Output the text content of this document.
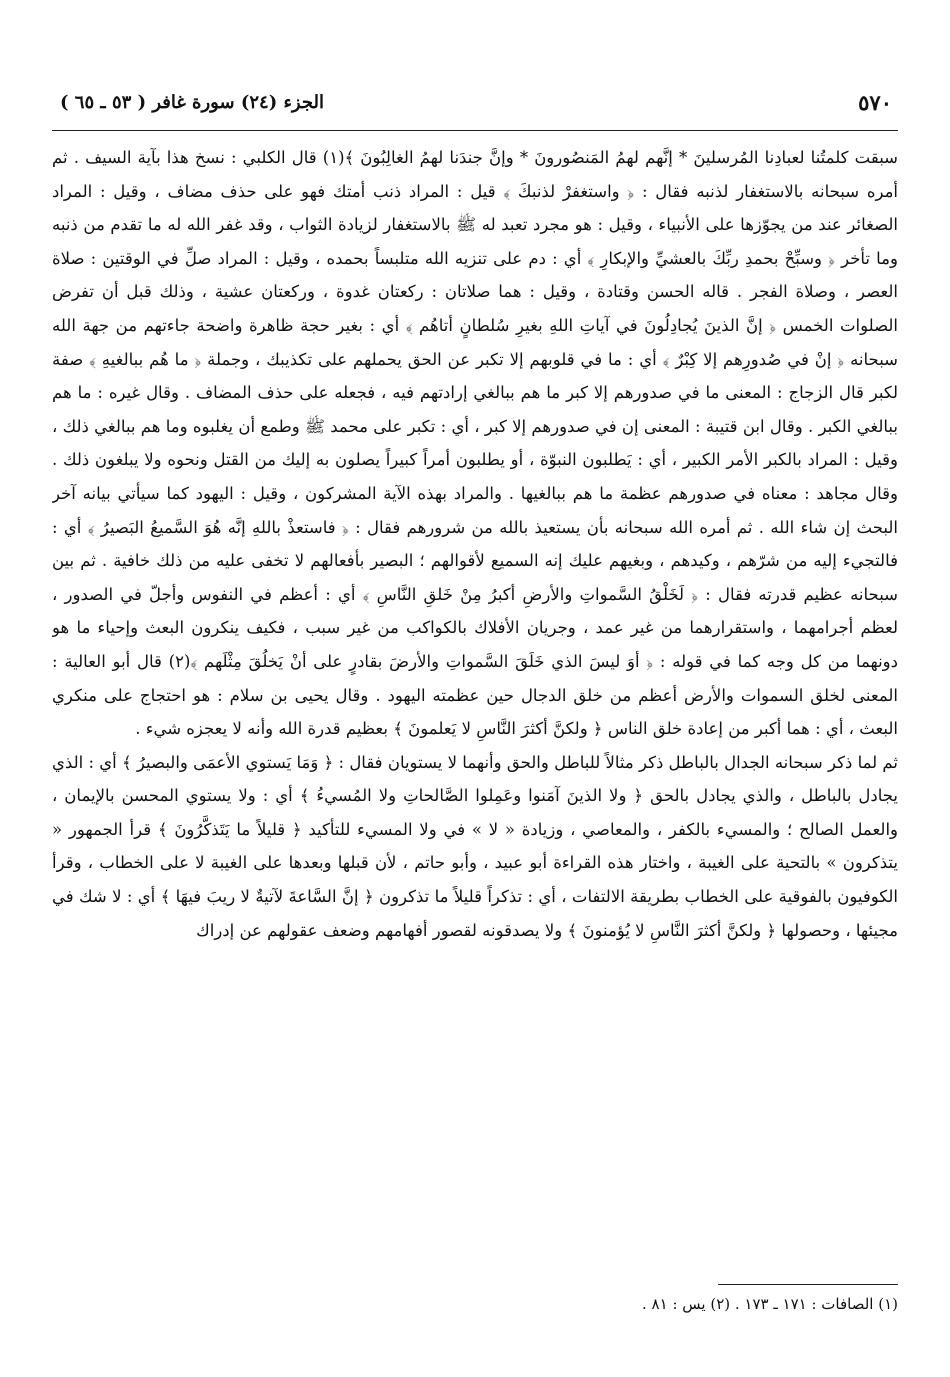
٥٧٠
الجزء (٢٤) سورة غافر ( ٥٣ ـ ٦٥ )

سبقت كلمتُنا لعبادِنا المُرسلينَ * إنَّهم لهمُ المَنصُورونَ * وإنَّ جندَنا لهمُ الغالِبُونَ ﴾(١) قال الكلبي : نسخ هذا بآية السيف . ثم أمره سبحانه بالاستغفار لذنبه فقال : ﴿ واستغفرْ لذنبكَ ﴾ قيل : المراد ذنب أمتك فهو على حذف مضاف ، وقيل : المراد الصغائر عند من يجوّزها على الأنبياء ، وقيل : هو مجرد تعبد له ﷺ بالاستغفار لزيادة الثواب ، وقد غفر الله له ما تقدم من ذنبه وما تأخر ﴿ وسبِّحْ بحمدِ ربِّكَ بالعشيِّ والإبكارِ ﴾ أي : دم على تنزيه الله متلبساً بحمده ، وقيل : المراد صلِّ في الوقتين : صلاة العصر ، وصلاة الفجر . قاله الحسن وقتادة ، وقيل : هما صلاتان : ركعتان غدوة ، وركعتان عشية ، وذلك قبل أن تفرض الصلوات الخمس ﴿ إنَّ الذينَ يُجادِلُونَ في آياتِ اللهِ بغيرِ سُلطانٍ أتاهُم ﴾ أي : بغير حجة ظاهرة واضحة جاءتهم من جهة الله سبحانه ﴿ إنْ في صُدورِهم إلا كِبْرٌ ﴾ أي : ما في قلوبهم إلا تكبر عن الحق يحملهم على تكذيبك ، وجملة ﴿ ما هُم ببالغيهِ ﴾ صفة لكبر قال الزجاج : المعنى ما في صدورهم إلا كبر ما هم ببالغي إرادتهم فيه ، فجعله على حذف المضاف . وقال غيره : ما هم ببالغي الكبر . وقال ابن قتيبة : المعنى إن في صدورهم إلا كبر ، أي : تكبر على محمد ﷺ وطمع أن يغلبوه وما هم ببالغي ذلك ، وقيل : المراد بالكبر الأمر الكبير ، أي : يَطلبون النبوّة ، أو يطلبون أمراً كبيراً يصلون به إليك من القتل ونحوه ولا يبلغون ذلك . وقال مجاهد : معناه في صدورهم عظمة ما هم ببالغيها . والمراد بهذه الآية المشركون ، وقيل : اليهود كما سيأتي بيانه آخر البحث إن شاء الله . ثم أمره الله سبحانه بأن يستعيذ بالله من شرورهم فقال : ﴿ فاستعذْ باللهِ إنَّه هُوَ السَّميعُ البَصيرُ ﴾ أي : فالتجيء إليه من شرّهم ، وكيدهم ، وبغيهم عليك إنه السميع لأقوالهم ؛ البصير بأفعالهم لا تخفى عليه من ذلك خافية . ثم بين سبحانه عظيم قدرته فقال : ﴿ لَخَلْقُ السَّمواتِ والأرضِ أكبرُ مِنْ خَلقِ النَّاسِ ﴾ أي : أعظم في النفوس وأجلّ في الصدور ، لعظم أجرامهما ، واستقرارهما من غير عمد ، وجريان الأفلاك بالكواكب من غير سبب ، فكيف ينكرون البعث وإحياء ما هو دونهما من كل وجه كما في قوله : ﴿ أوَ ليسَ الذي خَلَقَ السَّمواتِ والأرضَ بقادرٍ على أنْ يَخلُقَ مِثْلَهم ﴾(٢) قال أبو العالية : المعنى لخلق السموات والأرض أعظم من خلق الدجال حين عظمته اليهود . وقال يحيى بن سلام : هو احتجاج على منكري البعث ، أي : هما أكبر من إعادة خلق الناس ﴿ ولكنَّ أكثرَ النَّاسِ لا يَعلمونَ ﴾ بعظيم قدرة الله وأنه لا يعجزه شيء .

ثم لما ذكر سبحانه الجدال بالباطل ذكر مثالاً للباطل والحق وأنهما لا يستويان فقال : ﴿ وَمَا يَستوي الأعمَى والبصيرُ ﴾ أي : الذي يجادل بالباطل ، والذي يجادل بالحق ﴿ ولا الذينَ آمَنوا وعَمِلوا الصَّالحاتِ ولا المُسيءُ ﴾ أي : ولا يستوي المحسن بالإيمان ، والعمل الصالح ؛ والمسيء بالكفر ، والمعاصي ، وزيادة « لا » في ولا المسيء للتأكيد ﴿ قليلاً ما يَتَذكَّرُونَ ﴾ قرأ الجمهور « يتذكرون » بالتحية على الغيبة ، واختار هذه القراءة أبو عبيد ، وأبو حاتم ، لأن قبلها وبعدها على الغيبة لا على الخطاب ، وقرأ الكوفيون بالفوقية على الخطاب بطريقة الالتفات ، أي : تذكراً قليلاً ما تذكرون ﴿ إنَّ السَّاعةَ لآتيةٌ لا ريبَ فيهَا ﴾ أي : لا شك في مجيئها ، وحصولها ﴿ ولكنَّ أكثرَ النَّاسِ لا يُؤمنونَ ﴾ ولا يصدقونه لقصور أفهامهم وضعف عقولهم عن إدراك

(١) الصافات : ١٧١ ـ ١٧٣ . (٢) يس : ٨١ .
